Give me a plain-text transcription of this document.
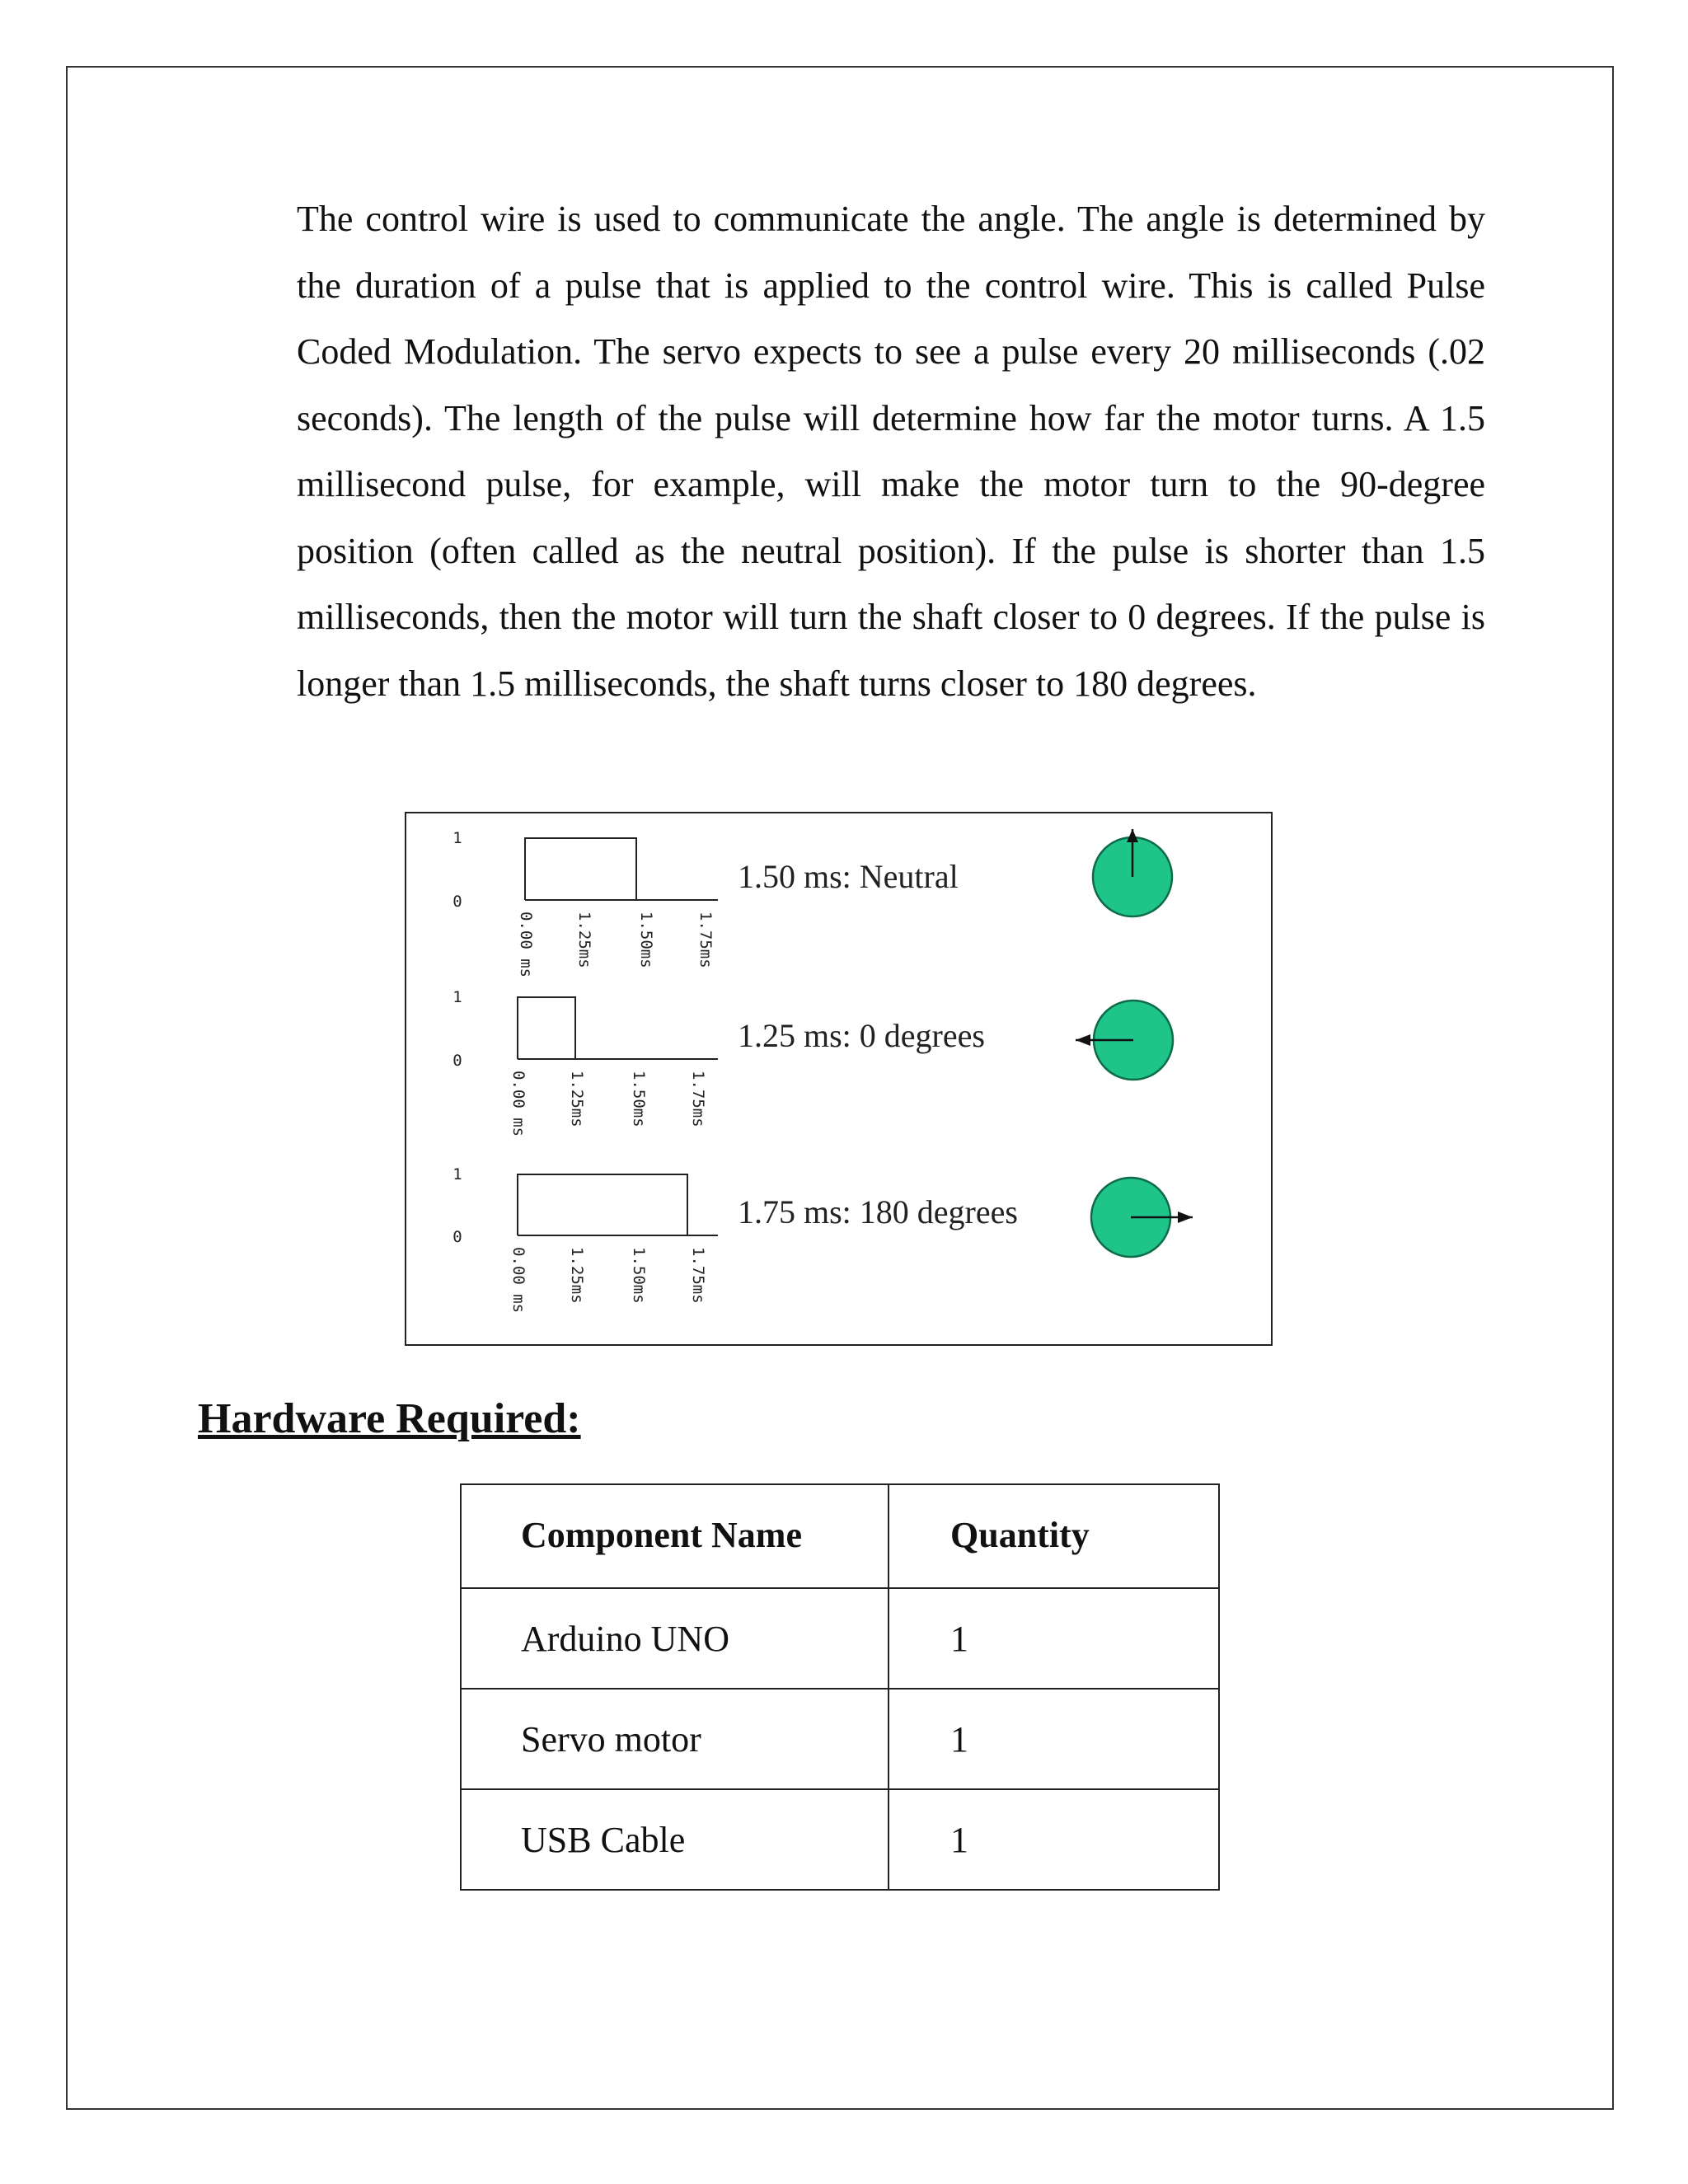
The control wire is used to communicate the angle. The angle is determined by the duration of a pulse that is applied to the control wire. This is called Pulse Coded Modulation. The servo expects to see a pulse every 20 milliseconds (.02 seconds). The length of the pulse will determine how far the motor turns. A 1.5 millisecond pulse, for example, will make the motor turn to the 90-degree position (often called as the neutral position). If the pulse is shorter than 1.5 milliseconds, then the motor will turn the shaft closer to 0 degrees. If the pulse is longer than 1.5 milliseconds, the shaft turns closer to 180 degrees.

1
0
0.00 ms	1.25ms	1.50ms	1.75ms
1.50 ms: Neutral
1
0
0.00 ms	1.25ms	1.50ms	1.75ms
1.25 ms: 0 degrees
1
0
0.00 ms	1.25ms	1.50ms	1.75ms
1.75 ms: 180 degrees
Hardware Required:
Component Name	Quantity
Arduino UNO	1
Servo motor	1
USB Cable	1
